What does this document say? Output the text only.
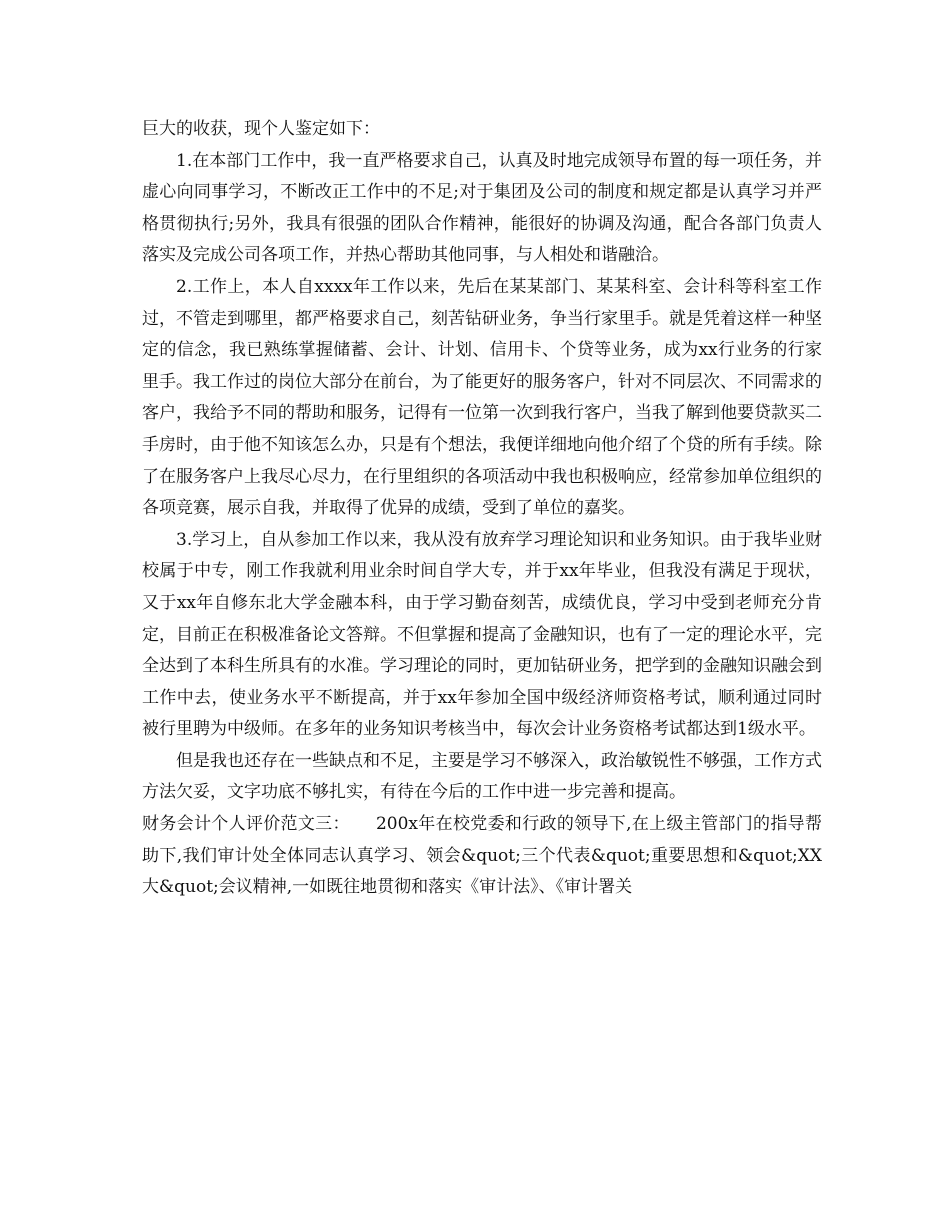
巨大的收获，现个人鉴定如下：

1.在本部门工作中，我一直严格要求自己，认真及时地完成领导布置的每一项任务，并虚心向同事学习，不断改正工作中的不足;对于集团及公司的制度和规定都是认真学习并严格贯彻执行;另外，我具有很强的团队合作精神，能很好的协调及沟通，配合各部门负责人落实及完成公司各项工作，并热心帮助其他同事，与人相处和谐融洽。

2.工作上，本人自xxxx年工作以来，先后在某某部门、某某科室、会计科等科室工作过，不管走到哪里，都严格要求自己，刻苦钻研业务，争当行家里手。就是凭着这样一种坚定的信念，我已熟练掌握储蓄、会计、计划、信用卡、个贷等业务，成为xx行业务的行家里手。我工作过的岗位大部分在前台，为了能更好的服务客户，针对不同层次、不同需求的客户，我给予不同的帮助和服务，记得有一位第一次到我行客户，当我了解到他要贷款买二手房时，由于他不知该怎么办，只是有个想法，我便详细地向他介绍了个贷的所有手续。除了在服务客户上我尽心尽力，在行里组织的各项活动中我也积极响应，经常参加单位组织的各项竞赛，展示自我，并取得了优异的成绩，受到了单位的嘉奖。

3.学习上，自从参加工作以来，我从没有放弃学习理论知识和业务知识。由于我毕业财校属于中专，刚工作我就利用业余时间自学大专，并于xx年毕业，但我没有满足于现状，又于xx年自修东北大学金融本科，由于学习勤奋刻苦，成绩优良，学习中受到老师充分肯定，目前正在积极准备论文答辩。不但掌握和提高了金融知识，也有了一定的理论水平，完全达到了本科生所具有的水准。学习理论的同时，更加钻研业务，把学到的金融知识融会到工作中去，使业务水平不断提高，并于xx年参加全国中级经济师资格考试，顺利通过同时被行里聘为中级师。在多年的业务知识考核当中，每次会计业务资格考试都达到1级水平。

但是我也还存在一些缺点和不足，主要是学习不够深入，政治敏锐性不够强，工作方式方法欠妥，文字功底不够扎实，有待在今后的工作中进一步完善和提高。

财务会计个人评价范文三：　　200x年在校党委和行政的领导下,在上级主管部门的指导帮助下,我们审计处全体同志认真学习、领会&quot;三个代表&quot;重要思想和&quot;XX大&quot;会议精神,一如既往地贯彻和落实《审计法》、《审计署关
